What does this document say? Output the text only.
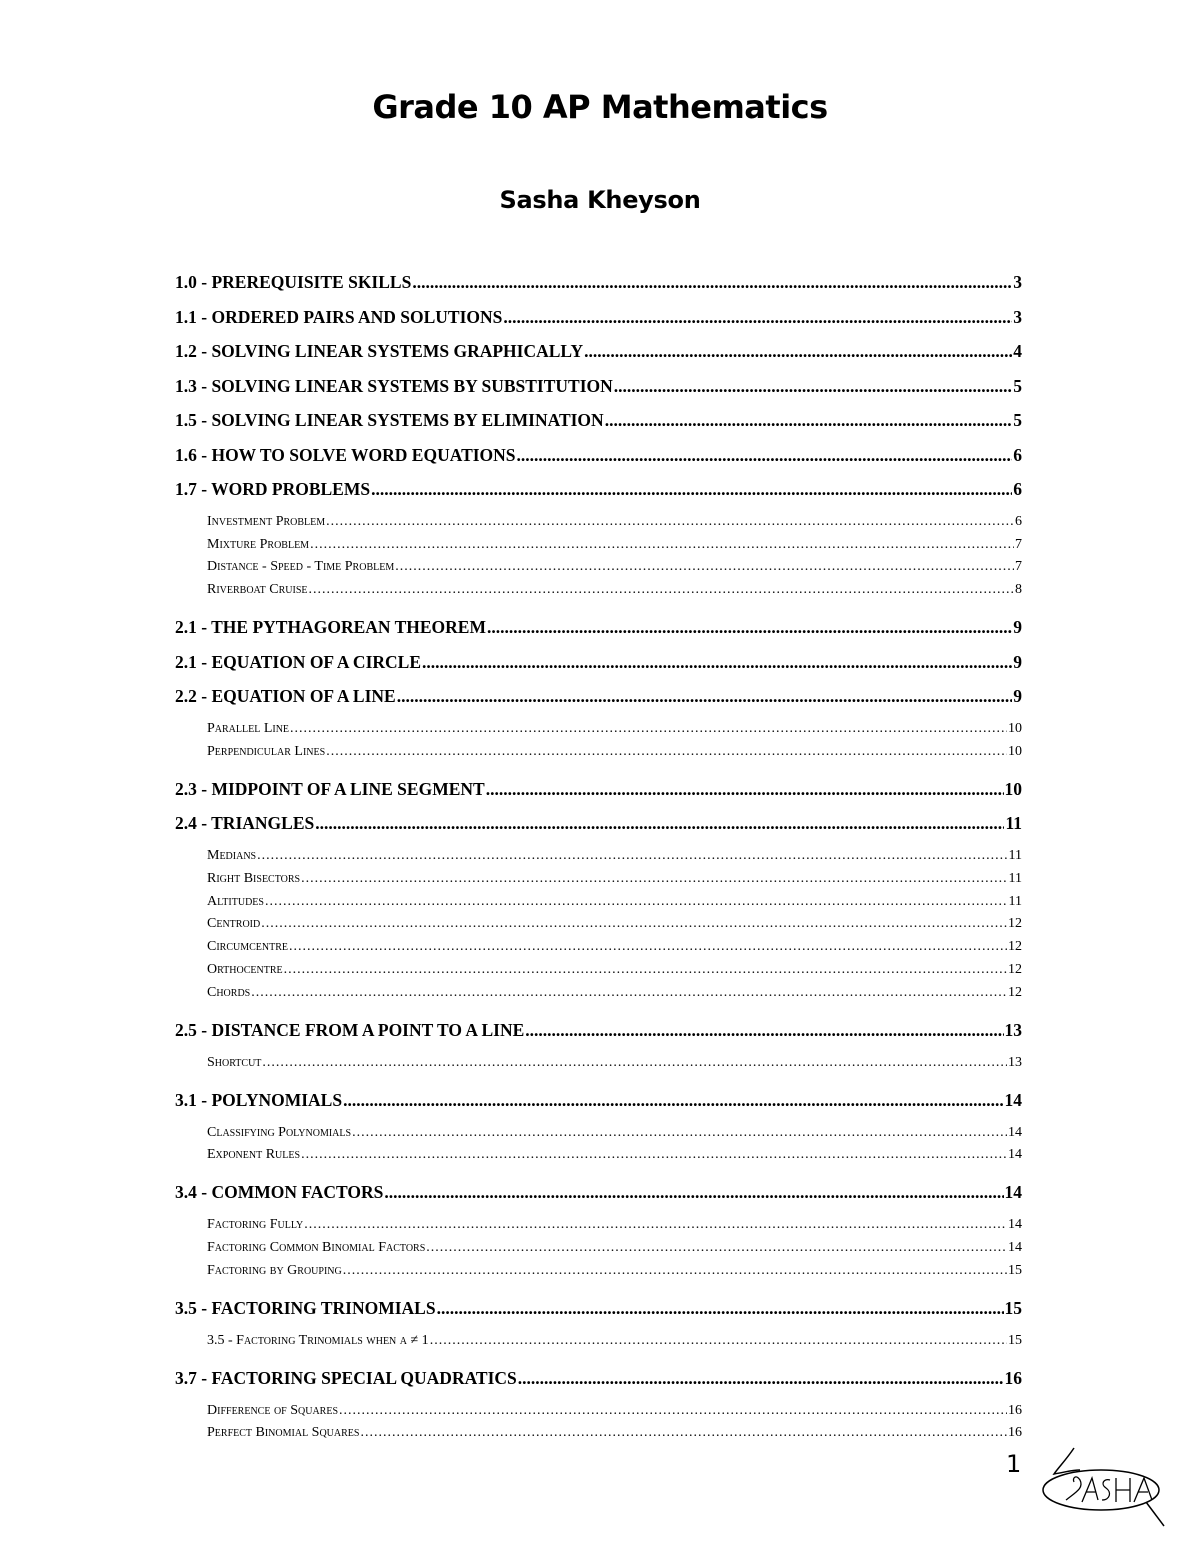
Grade 10 AP Mathematics
Sasha Kheyson
1.0 - PREREQUISITE SKILLS .....	3
1.1 - ORDERED PAIRS AND SOLUTIONS .....	3
1.2 - SOLVING LINEAR SYSTEMS GRAPHICALLY .....	4
1.3 - SOLVING LINEAR SYSTEMS BY SUBSTITUTION .....	5
1.5 - SOLVING LINEAR SYSTEMS BY ELIMINATION .....	5
1.6 - HOW TO SOLVE WORD EQUATIONS .....	6
1.7 - WORD PROBLEMS .....	6
Investment Problem .....	6
Mixture Problem .....	7
Distance - Speed - Time Problem .....	7
Riverboat Cruise .....	8
2.1 - THE PYTHAGOREAN THEOREM .....	9
2.1 - EQUATION OF A CIRCLE .....	9
2.2 - EQUATION OF A LINE .....	9
Parallel Line .....	10
Perpendicular Lines .....	10
2.3 - MIDPOINT OF A LINE SEGMENT .....	10
2.4 - TRIANGLES .....	11
Medians .....	11
Right Bisectors .....	11
Altitudes .....	11
Centroid .....	12
Circumcentre .....	12
Orthocentre .....	12
Chords .....	12
2.5 - DISTANCE FROM A POINT TO A LINE .....	13
Shortcut .....	13
3.1 - POLYNOMIALS .....	14
Classifying Polynomials .....	14
Exponent Rules .....	14
3.4 - COMMON FACTORS .....	14
Factoring Fully .....	14
Factoring Common Binomial Factors .....	14
Factoring by Grouping .....	15
3.5 - FACTORING TRINOMIALS .....	15
3.5 - Factoring Trinomials when a ≠ 1 .....	15
3.7 - FACTORING SPECIAL QUADRATICS .....	16
Difference of Squares .....	16
Perfect Binomial Squares .....	16
1
